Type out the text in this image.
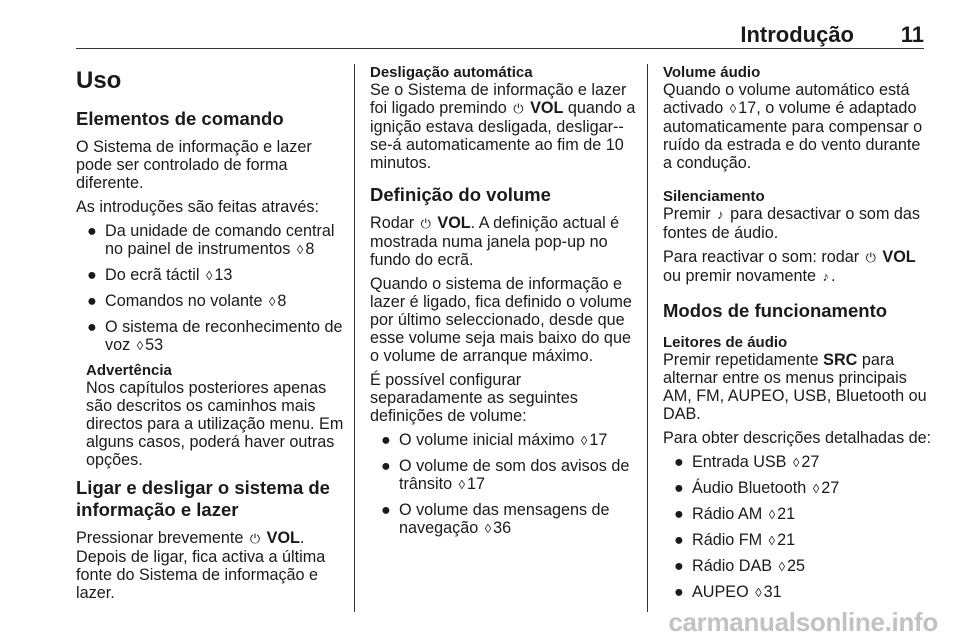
Introdução 11
Uso
Elementos de comando

O Sistema de informação e lazer pode ser controlado de forma diferente.

As introduções são feitas através:

● Da unidade de comando central no painel de instrumentos ◊ 8
● Do ecrã táctil ◊ 13
● Comandos no volante ◊ 8
● O sistema de reconhecimento de voz ◊ 53
Advertência

Nos capítulos posteriores apenas são descritos os caminhos mais directos para a utilização menu. Em alguns casos, poderá haver outras opções.

Ligar e desligar o sistema de informação e lazer

Pressionar brevemente ⏻ VOL. Depois de ligar, fica activa a última fonte do Sistema de informação e lazer.

Desligação automática

Se o Sistema de informação e lazer foi ligado premindo ⏻ VOL quando a ignição estava desligada, desligar--se-á automaticamente ao fim de 10 minutos.

Definição do volume

Rodar ⏻ VOL. A definição actual é mostrada numa janela pop-up no fundo do ecrã.

Quando o sistema de informação e lazer é ligado, fica definido o volume por último seleccionado, desde que esse volume seja mais baixo do que o volume de arranque máximo.

É possível configurar separadamente as seguintes definições de volume:

● O volume inicial máximo ◊ 17
● O volume de som dos avisos de trânsito ◊ 17
● O volume das mensagens de navegação ◊ 36
Volume áudio

Quando o volume automático está activado ◊ 17, o volume é adaptado automaticamente para compensar o ruído da estrada e do vento durante a condução.

Silenciamento

Premir ♪ para desactivar o som das fontes de áudio.

Para reactivar o som: rodar ⏻ VOL ou premir novamente ♪ .

Modos de funcionamento
Leitores de áudio

Premir repetidamente SRC para alternar entre os menus principais AM, FM, AUPEO, USB, Bluetooth ou DAB.

Para obter descrições detalhadas de:

● Entrada USB ◊ 27
● Áudio Bluetooth ◊ 27
● Rádio AM ◊ 21
● Rádio FM ◊ 21
● Rádio DAB ◊ 25
● AUPEO ◊ 31
carmanualsonline.info
